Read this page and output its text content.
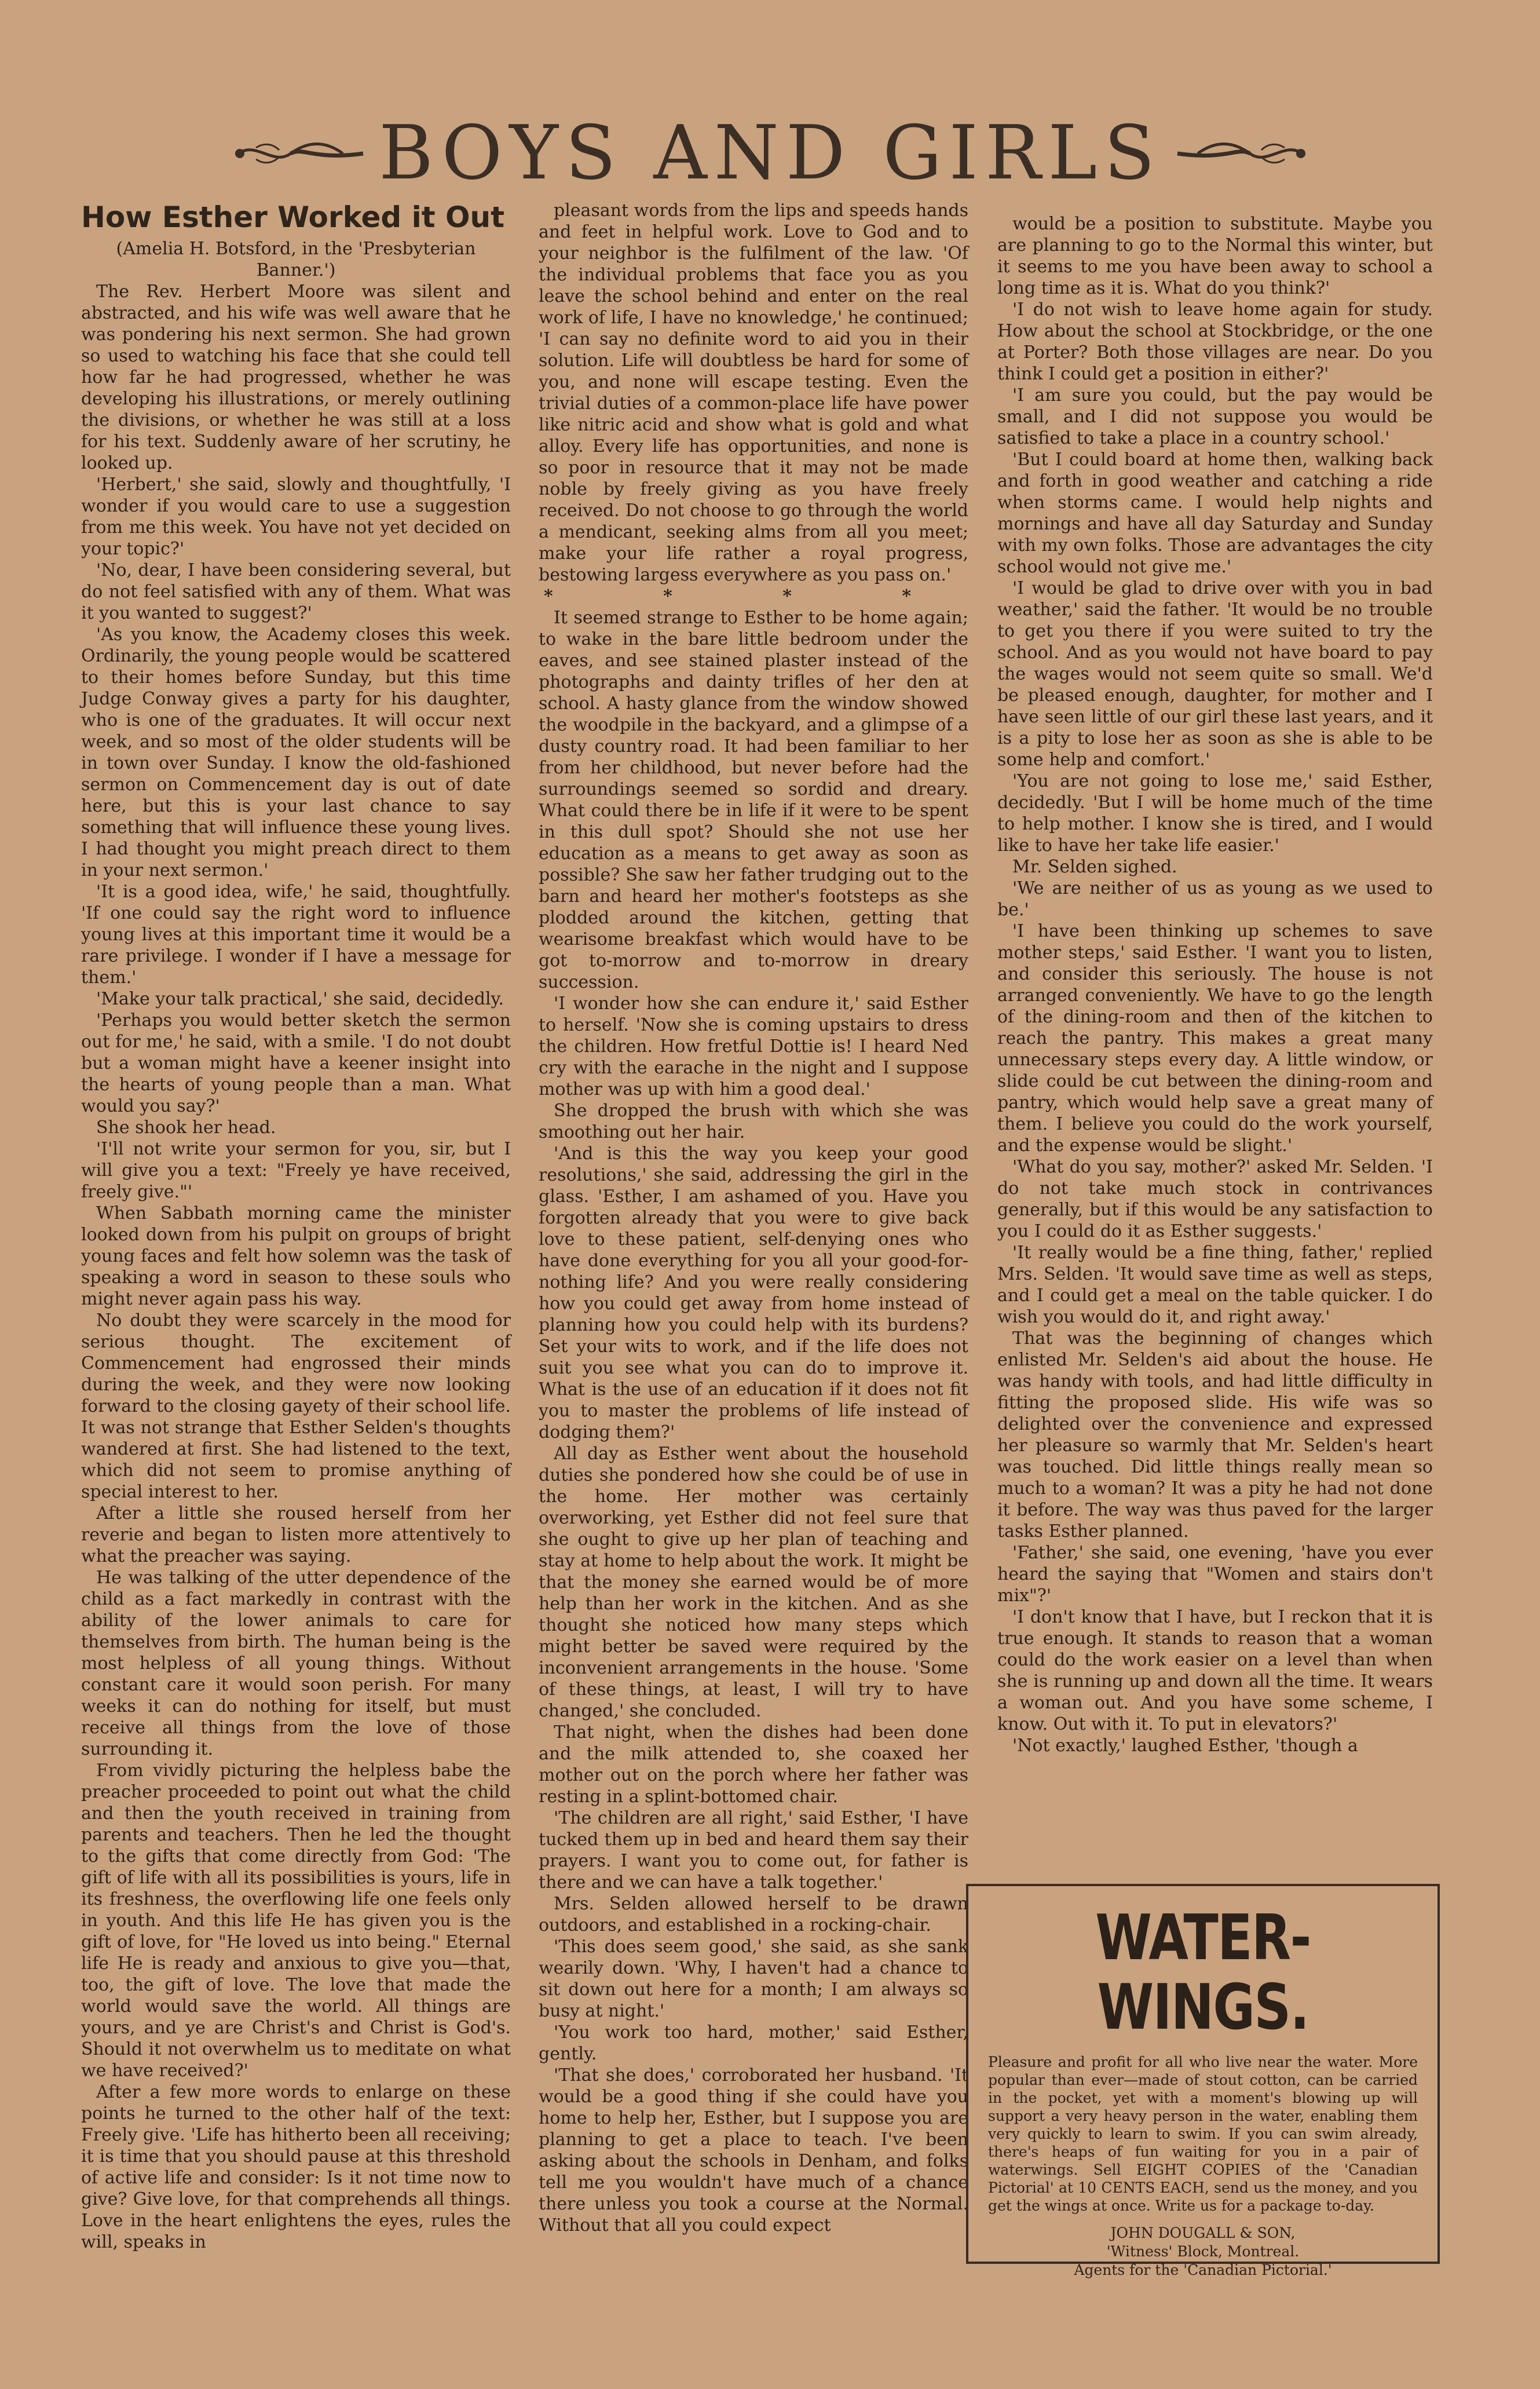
BOYS AND GIRLS
How Esther Worked it Out

(Amelia H. Botsford, in the 'Presbyterian Banner.')

The Rev. Herbert Moore was silent and abstracted, and his wife was well aware that he was pondering his next sermon. She had grown so used to watching his face that she could tell how far he had progressed, whether he was developing his illustrations, or merely outlining the divisions, or whether he was still at a loss for his text. Suddenly aware of her scrutiny, he looked up.

'Herbert,' she said, slowly and thoughtfully, 'I wonder if you would care to use a suggestion from me this week. You have not yet decided on your topic?'

'No, dear, I have been considering several, but do not feel satisfied with any of them. What was it you wanted to suggest?'

'As you know, the Academy closes this week. Ordinarily, the young people would be scattered to their homes before Sunday, but this time Judge Conway gives a party for his daughter, who is one of the graduates. It will occur next week, and so most of the older students will be in town over Sunday. I know the old-fashioned sermon on Commencement day is out of date here, but this is your last chance to say something that will influence these young lives. I had thought you might preach direct to them in your next sermon.'

'It is a good idea, wife,' he said, thoughtfully. 'If one could say the right word to influence young lives at this important time it would be a rare privilege. I wonder if I have a message for them.'

'Make your talk practical,' she said, decidedly.

'Perhaps you would better sketch the sermon out for me,' he said, with a smile. 'I do not doubt but a woman might have a keener insight into the hearts of young people than a man. What would you say?'

She shook her head.

'I'll not write your sermon for you, sir, but I will give you a text: "Freely ye have received, freely give."'

When Sabbath morning came the minister looked down from his pulpit on groups of bright young faces and felt how solemn was the task of speaking a word in season to these souls who might never again pass his way.

No doubt they were scarcely in the mood for serious thought. The excitement of Commencement had engrossed their minds during the week, and they were now looking forward to the closing gayety of their school life. It was not strange that Esther Selden's thoughts wandered at first. She had listened to the text, which did not seem to promise anything of special interest to her.

After a little she roused herself from her reverie and began to listen more attentively to what the preacher was saying.

He was talking of the utter dependence of the child as a fact markedly in contrast with the ability of the lower animals to care for themselves from birth. The human being is the most helpless of all young things. Without constant care it would soon perish. For many weeks it can do nothing for itself, but must receive all things from the love of those surrounding it.

From vividly picturing the helpless babe the preacher proceeded to point out what the child and then the youth received in training from parents and teachers. Then he led the thought to the gifts that come directly from God: 'The gift of life with all its possibilities is yours, life in its freshness, the overflowing life one feels only in youth. And this life He has given you is the gift of love, for "He loved us into being." Eternal life He is ready and anxious to give you—that, too, the gift of love. The love that made the world would save the world. All things are yours, and ye are Christ's and Christ is God's. Should it not overwhelm us to meditate on what we have received?'

After a few more words to enlarge on these points he turned to the other half of the text: Freely give. 'Life has hitherto been all receiving; it is time that you should pause at this threshold of active life and consider: Is it not time now to give? Give love, for that comprehends all things. Love in the heart enlightens the eyes, rules the will, speaks in

pleasant words from the lips and speeds hands and feet in helpful work. Love to God and to your neighbor is the fulfilment of the law. 'Of the individual problems that face you as you leave the school behind and enter on the real work of life, I have no knowledge,' he continued; 'I can say no definite word to aid you in their solution. Life will doubtless be hard for some of you, and none will escape testing. Even the trivial duties of a common-place life have power like nitric acid and show what is gold and what alloy. Every life has opportunities, and none is so poor in resource that it may not be made noble by freely giving as you have freely received. Do not choose to go through the world a mendicant, seeking alms from all you meet; make your life rather a royal progress, bestowing largess everywhere as you pass on.'

* * * *

It seemed strange to Esther to be home again; to wake in the bare little bedroom under the eaves, and see stained plaster instead of the photographs and dainty trifles of her den at school. A hasty glance from the window showed the woodpile in the backyard, and a glimpse of a dusty country road. It had been familiar to her from her childhood, but never before had the surroundings seemed so sordid and dreary. What could there be in life if it were to be spent in this dull spot? Should she not use her education as a means to get away as soon as possible? She saw her father trudging out to the barn and heard her mother's footsteps as she plodded around the kitchen, getting that wearisome breakfast which would have to be got to-morrow and to-morrow in dreary succession.

'I wonder how she can endure it,' said Esther to herself. 'Now she is coming upstairs to dress the children. How fretful Dottie is! I heard Ned cry with the earache in the night and I suppose mother was up with him a good deal.'

She dropped the brush with which she was smoothing out her hair.

'And is this the way you keep your good resolutions,' she said, addressing the girl in the glass. 'Esther, I am ashamed of you. Have you forgotten already that you were to give back love to these patient, self-denying ones who have done everything for you all your good-for-nothing life? And you were really considering how you could get away from home instead of planning how you could help with its burdens? Set your wits to work, and if the life does not suit you see what you can do to improve it. What is the use of an education if it does not fit you to master the problems of life instead of dodging them?'

All day as Esther went about the household duties she pondered how she could be of use in the home. Her mother was certainly overworking, yet Esther did not feel sure that she ought to give up her plan of teaching and stay at home to help about the work. It might be that the money she earned would be of more help than her work in the kitchen. And as she thought she noticed how many steps which might better be saved were required by the inconvenient arrangements in the house. 'Some of these things, at least, I will try to have changed,' she concluded.

That night, when the dishes had been done and the milk attended to, she coaxed her mother out on the porch where her father was resting in a splint-bottomed chair.

'The children are all right,' said Esther, 'I have tucked them up in bed and heard them say their prayers. I want you to come out, for father is there and we can have a talk together.'

Mrs. Selden allowed herself to be drawn outdoors, and established in a rocking-chair.

'This does seem good,' she said, as she sank wearily down. 'Why, I haven't had a chance to sit down out here for a month; I am always so busy at night.'

'You work too hard, mother,' said Esther, gently.

'That she does,' corroborated her husband. 'It would be a good thing if she could have you home to help her, Esther, but I suppose you are planning to get a place to teach. I've been asking about the schools in Denham, and folks tell me you wouldn't have much of a chance there unless you took a course at the Normal. Without that all you could expect

would be a position to substitute. Maybe you are planning to go to the Normal this winter, but it seems to me you have been away to school a long time as it is. What do you think?'

'I do not wish to leave home again for study. How about the school at Stockbridge, or the one at Porter? Both those villages are near. Do you think I could get a position in either?'

'I am sure you could, but the pay would be small, and I did not suppose you would be satisfied to take a place in a country school.'

'But I could board at home then, walking back and forth in good weather and catching a ride when storms came. I would help nights and mornings and have all day Saturday and Sunday with my own folks. Those are advantages the city school would not give me.'

'I would be glad to drive over with you in bad weather,' said the father. 'It would be no trouble to get you there if you were suited to try the school. And as you would not have board to pay the wages would not seem quite so small. We'd be pleased enough, daughter, for mother and I have seen little of our girl these last years, and it is a pity to lose her as soon as she is able to be some help and comfort.'

'You are not going to lose me,' said Esther, decidedly. 'But I will be home much of the time to help mother. I know she is tired, and I would like to have her take life easier.'

Mr. Selden sighed.

'We are neither of us as young as we used to be.'

'I have been thinking up schemes to save mother steps,' said Esther. 'I want you to listen, and consider this seriously. The house is not arranged conveniently. We have to go the length of the dining-room and then of the kitchen to reach the pantry. This makes a great many unnecessary steps every day. A little window, or slide could be cut between the dining-room and pantry, which would help save a great many of them. I believe you could do the work yourself, and the expense would be slight.'

'What do you say, mother?' asked Mr. Selden. 'I do not take much stock in contrivances generally, but if this would be any satisfaction to you I could do it as Esther suggests.'

'It really would be a fine thing, father,' replied Mrs. Selden. 'It would save time as well as steps, and I could get a meal on the table quicker. I do wish you would do it, and right away.'

That was the beginning of changes which enlisted Mr. Selden's aid about the house. He was handy with tools, and had little difficulty in fitting the proposed slide. His wife was so delighted over the convenience and expressed her pleasure so warmly that Mr. Selden's heart was touched. Did little things really mean so much to a woman? It was a pity he had not done it before. The way was thus paved for the larger tasks Esther planned.

'Father,' she said, one evening, 'have you ever heard the saying that "Women and stairs don't mix"?'

'I don't know that I have, but I reckon that it is true enough. It stands to reason that a woman could do the work easier on a level than when she is running up and down all the time. It wears a woman out. And you have some scheme, I know. Out with it. To put in elevators?'

'Not exactly,' laughed Esther, 'though a

WATER-WINGS.

Pleasure and profit for all who live near the water. More popular than ever—made of stout cotton, can be carried in the pocket, yet with a moment's blowing up will support a very heavy person in the water, enabling them very quickly to learn to swim. If you can swim already, there's heaps of fun waiting for you in a pair of waterwings. Sell EIGHT COPIES of the 'Canadian Pictorial' at 10 CENTS EACH, send us the money, and you get the wings at once. Write us for a package to-day.

JOHN DOUGALL & SON,
'Witness' Block, Montreal.
Agents for the 'Canadian Pictorial.'
